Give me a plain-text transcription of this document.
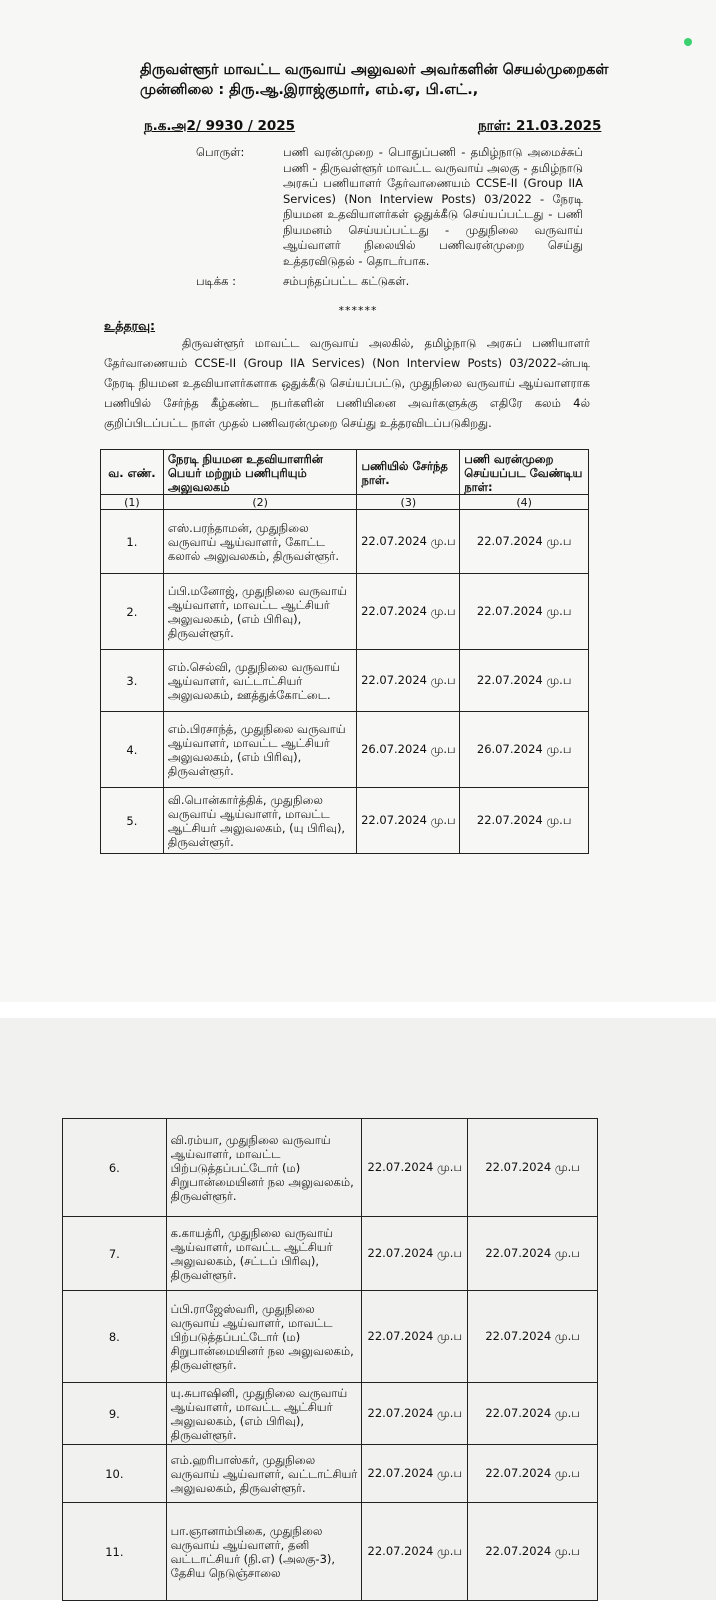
திருவள்ளூர் மாவட்ட வருவாய் அலுவலர் அவர்களின் செயல்முறைகள்
முன்னிலை : திரு.ஆ.இராஜ்குமார், எம்.ஏ, பி.எட்.,
ந.க.அ2/ 9930 / 2025	நாள்: 21.03.2025
பொருள்:	பணி வரன்முறை - பொதுப்பணி - தமிழ்நாடு அமைச்சுப் பணி - திருவள்ளூர் மாவட்ட வருவாய் அலகு - தமிழ்நாடு அரசுப் பணியாளர் தேர்வாணையம் CCSE-II (Group IIA Services) (Non Interview Posts) 03/2022 - நேரடி நியமன உதவியாளர்கள் ஒதுக்கீடு செய்யப்பட்டது - பணி நியமனம் செய்யப்பட்டது - முதுநிலை வருவாய் ஆய்வாளர் நிலையில் பணிவரன்முறை செய்து உத்தரவிடுதல் - தொடர்பாக.
படிக்க :	சம்பந்தப்பட்ட கட்டுகள்.
******
உத்தரவு:
திருவள்ளூர் மாவட்ட வருவாய் அலகில், தமிழ்நாடு அரசுப் பணியாளர் தேர்வாணையம் CCSE-II (Group IIA Services) (Non Interview Posts) 03/2022-ன்படி நேரடி நியமன உதவியாளர்களாக ஒதுக்கீடு செய்யப்பட்டு, முதுநிலை வருவாய் ஆய்வாளராக பணியில் சேர்ந்த கீழ்கண்ட நபர்களின் பணியினை அவர்களுக்கு எதிரே கலம் 4ல் குறிப்பிடப்பட்ட நாள் முதல் பணிவரன்முறை செய்து உத்தரவிடப்படுகிறது.
வ. எண்.	நேரடி நியமன உதவியாளரின் பெயர் மற்றும் பணிபுரியும் அலுவலகம்	பணியில் சேர்ந்த நாள்.	பணி வரன்முறை செய்யப்பட வேண்டிய நாள்:
(1)	(2)	(3)	(4)
1.	எஸ்.பரந்தாமன், முதுநிலை வருவாய் ஆய்வாளர், கோட்ட கலால் அலுவலகம், திருவள்ளூர்.	22.07.2024 மு.ப	22.07.2024 மு.ப
2.	ப்பி.மனோஜ், முதுநிலை வருவாய் ஆய்வாளர், மாவட்ட ஆட்சியர் அலுவலகம், (எம் பிரிவு), திருவள்ளூர்.	22.07.2024 மு.ப	22.07.2024 மு.ப
3.	எம்.செல்வி, முதுநிலை வருவாய் ஆய்வாளர், வட்டாட்சியர் அலுவலகம், ஊத்துக்கோட்டை.	22.07.2024 மு.ப	22.07.2024 மு.ப
4.	எம்.பிரசாந்த், முதுநிலை வருவாய் ஆய்வாளர், மாவட்ட ஆட்சியர் அலுவலகம், (எம் பிரிவு), திருவள்ளூர்.	26.07.2024 மு.ப	26.07.2024 மு.ப
5.	வி.பொன்கார்த்திக், முதுநிலை வருவாய் ஆய்வாளர், மாவட்ட ஆட்சியர் அலுவலகம், (யு பிரிவு), திருவள்ளூர்.	22.07.2024 மு.ப	22.07.2024 மு.ப
6.	வி.ரம்யா, முதுநிலை வருவாய் ஆய்வாளர், மாவட்ட பிற்படுத்தப்பட்டோர் (ம) சிறுபான்மையினர் நல அலுவலகம், திருவள்ளூர்.	22.07.2024 மு.ப	22.07.2024 மு.ப
7.	க.காயத்ரி, முதுநிலை வருவாய் ஆய்வாளர், மாவட்ட ஆட்சியர் அலுவலகம், (சட்டப் பிரிவு), திருவள்ளூர்.	22.07.2024 மு.ப	22.07.2024 மு.ப
8.	ப்பி.ராஜேஸ்வரி, முதுநிலை வருவாய் ஆய்வாளர், மாவட்ட பிற்படுத்தப்பட்டோர் (ம) சிறுபான்மையினர் நல அலுவலகம், திருவள்ளூர்.	22.07.2024 மு.ப	22.07.2024 மு.ப
9.	யு.சுபாஷினி, முதுநிலை வருவாய் ஆய்வாளர், மாவட்ட ஆட்சியர் அலுவலகம், (எம் பிரிவு), திருவள்ளூர்.	22.07.2024 மு.ப	22.07.2024 மு.ப
10.	எம்.ஹரிபாஸ்கர், முதுநிலை வருவாய் ஆய்வாளர், வட்டாட்சியர் அலுவலகம், திருவள்ளூர்.	22.07.2024 மு.ப	22.07.2024 மு.ப
11.	பா.ஞானாம்பிகை, முதுநிலை வருவாய் ஆய்வாளர், தனி வட்டாட்சியர் (நி.எ) (அலகு-3), தேசிய நெடுஞ்சாலை	22.07.2024 மு.ப	22.07.2024 மு.ப
